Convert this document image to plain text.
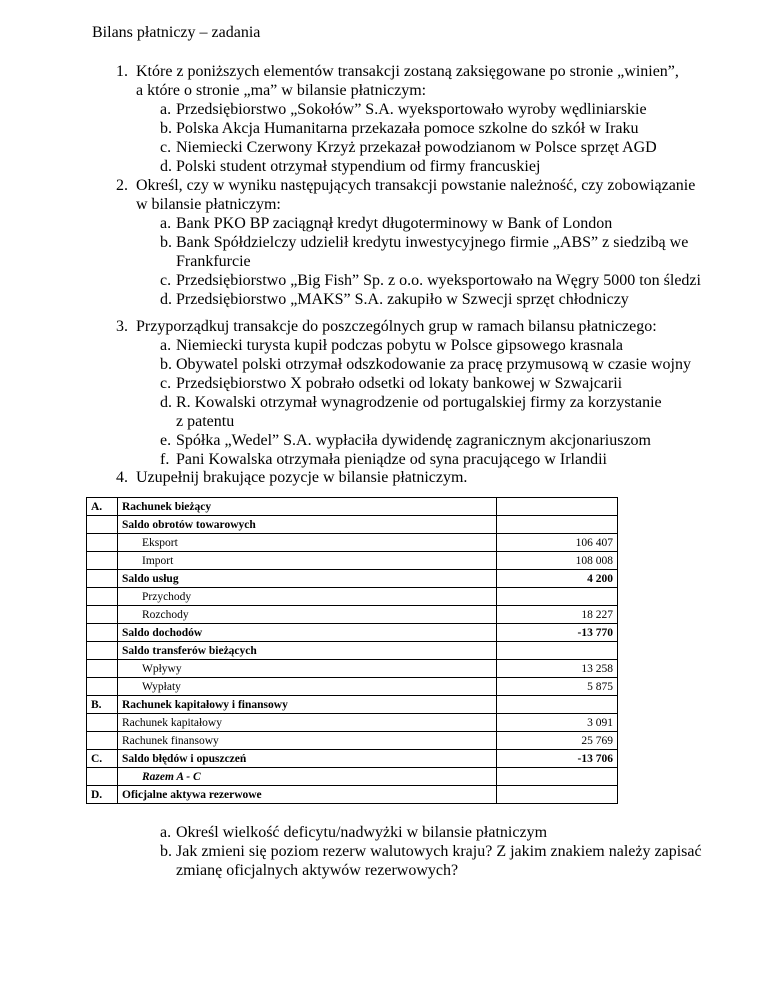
Bilans płatniczy – zadania
1. Które z poniższych elementów transakcji zostaną zaksięgowane po stronie „winien”,
a które o stronie „ma” w bilansie płatniczym:
a. Przedsiębiorstwo „Sokołów” S.A. wyeksportowało wyroby wędliniarskie
b. Polska Akcja Humanitarna przekazała pomoce szkolne do szkół w Iraku
c. Niemiecki Czerwony Krzyż przekazał powodzianom w Polsce sprzęt AGD
d. Polski student otrzymał stypendium od firmy francuskiej
2. Określ, czy w wyniku następujących transakcji powstanie należność, czy zobowiązanie
w bilansie płatniczym:
a. Bank PKO BP zaciągnął kredyt długoterminowy w Bank of London
b. Bank Spółdzielczy udzielił kredytu inwestycyjnego firmie „ABS” z siedzibą we
Frankfurcie
c. Przedsiębiorstwo „Big Fish” Sp. z o.o. wyeksportowało na Węgry 5000 ton śledzi
d. Przedsiębiorstwo „MAKS” S.A. zakupiło w Szwecji sprzęt chłodniczy
3. Przyporządkuj transakcje do poszczególnych grup w ramach bilansu płatniczego:
a. Niemiecki turysta kupił podczas pobytu w Polsce gipsowego krasnala
b. Obywatel polski otrzymał odszkodowanie za pracę przymusową w czasie wojny
c. Przedsiębiorstwo X pobrało odsetki od lokaty bankowej w Szwajcarii
d. R. Kowalski otrzymał wynagrodzenie od portugalskiej firmy za korzystanie
z patentu
e. Spółka „Wedel” S.A. wypłaciła dywidendę zagranicznym akcjonariuszom
f. Pani Kowalska otrzymała pieniądze od syna pracującego w Irlandii
4. Uzupełnij brakujące pozycje w bilansie płatniczym.
A.	Rachunek bieżący	
	Saldo obrotów towarowych	
	Eksport	106 407
	Import	108 008
	Saldo usług	4 200
	Przychody	
	Rozchody	18 227
	Saldo dochodów	-13 770
	Saldo transferów bieżących	
	Wpływy	13 258
	Wypłaty	5 875
B.	Rachunek kapitałowy i finansowy	
	Rachunek kapitałowy	3 091
	Rachunek finansowy	25 769
C.	Saldo błędów i opuszczeń	-13 706
	Razem A - C	
D.	Oficjalne aktywa rezerwowe	
a. Określ wielkość deficytu/nadwyżki w bilansie płatniczym
b. Jak zmieni się poziom rezerw walutowych kraju? Z jakim znakiem należy zapisać
zmianę oficjalnych aktywów rezerwowych?
